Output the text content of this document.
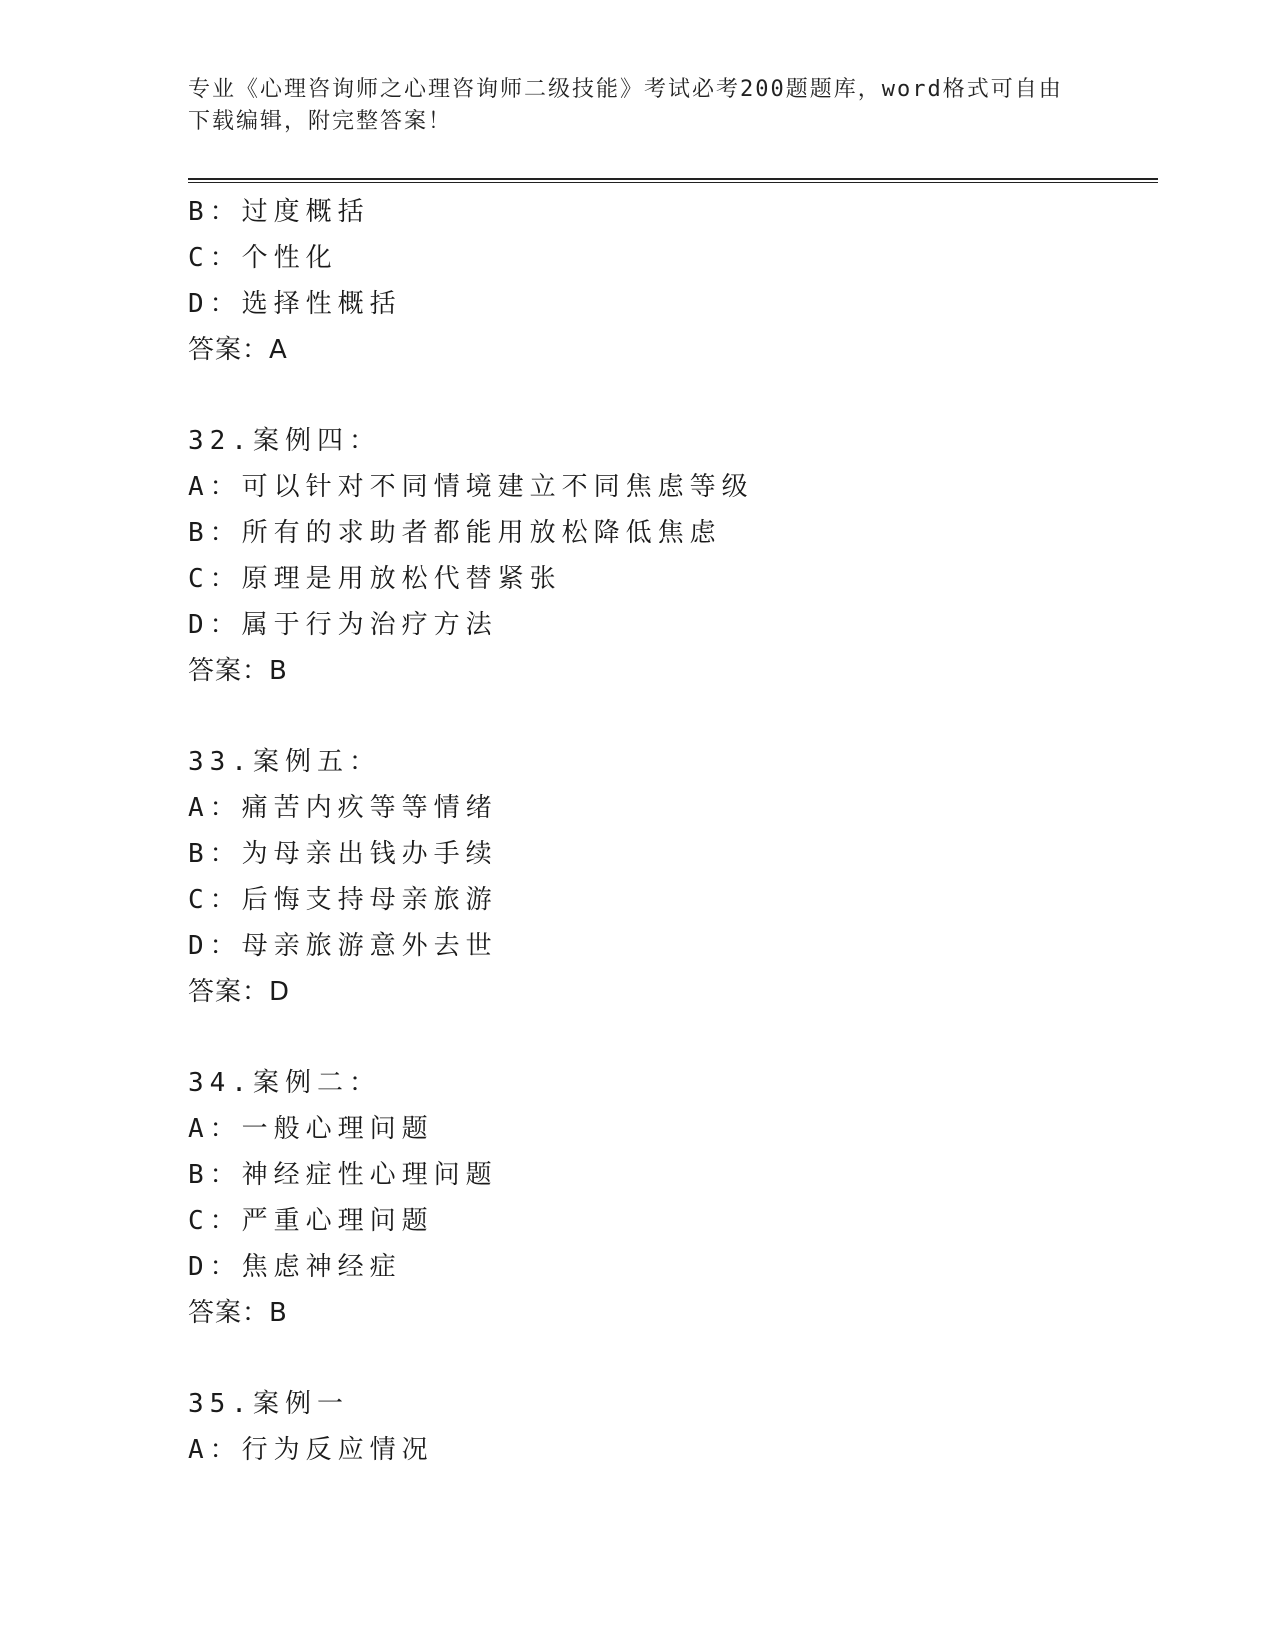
专业《心理咨询师之心理咨询师二级技能》考试必考200题题库，word格式可自由下载编辑，附完整答案！
B：过度概括
C：个性化
D：选择性概括
答案：A
32.案例四：
A：可以针对不同情境建立不同焦虑等级
B：所有的求助者都能用放松降低焦虑
C：原理是用放松代替紧张
D：属于行为治疗方法
答案：B
33.案例五：
A：痛苦内疚等等情绪
B：为母亲出钱办手续
C：后悔支持母亲旅游
D：母亲旅游意外去世
答案：D
34.案例二：
A：一般心理问题
B：神经症性心理问题
C：严重心理问题
D：焦虑神经症
答案：B
35.案例一
A：行为反应情况
